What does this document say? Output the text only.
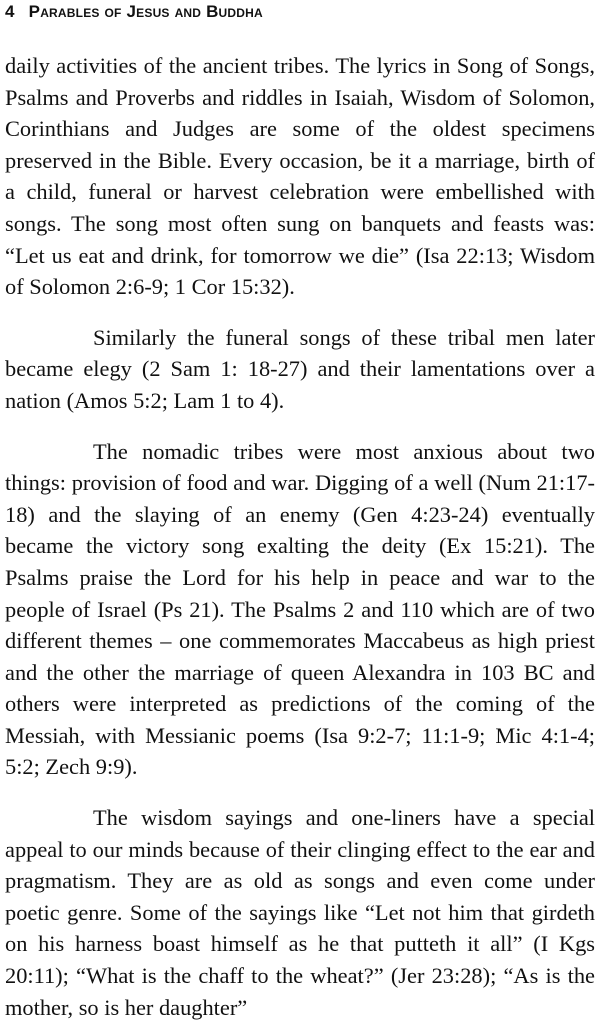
4 Parables of Jesus and Buddha

daily activities of the ancient tribes. The lyrics in Song of Songs, Psalms and Proverbs and riddles in Isaiah, Wisdom of Solomon, Corinthians and Judges are some of the oldest specimens preserved in the Bible. Every occasion, be it a marriage, birth of a child, funeral or harvest celebration were embellished with songs. The song most often sung on banquets and feasts was: “Let us eat and drink, for tomorrow we die” (Isa 22:13; Wisdom of Solomon 2:6-9; 1 Cor 15:32).

Similarly the funeral songs of these tribal men later became elegy (2 Sam 1: 18-27) and their lamentations over a nation (Amos 5:2; Lam 1 to 4).

The nomadic tribes were most anxious about two things: provision of food and war. Digging of a well (Num 21:17-18) and the slaying of an enemy (Gen 4:23-24) eventually became the victory song exalting the deity (Ex 15:21). The Psalms praise the Lord for his help in peace and war to the people of Israel (Ps 21). The Psalms 2 and 110 which are of two different themes – one commemorates Maccabeus as high priest and the other the marriage of queen Alexandra in 103 BC and others were interpreted as predictions of the coming of the Messiah, with Messianic poems (Isa 9:2-7; 11:1-9; Mic 4:1-4; 5:2; Zech 9:9).

The wisdom sayings and one-liners have a special appeal to our minds because of their clinging effect to the ear and pragmatism. They are as old as songs and even come under poetic genre. Some of the sayings like “Let not him that girdeth on his harness boast himself as he that putteth it all” (I Kgs 20:11); “What is the chaff to the wheat?” (Jer 23:28); “As is the mother, so is her daughter”
